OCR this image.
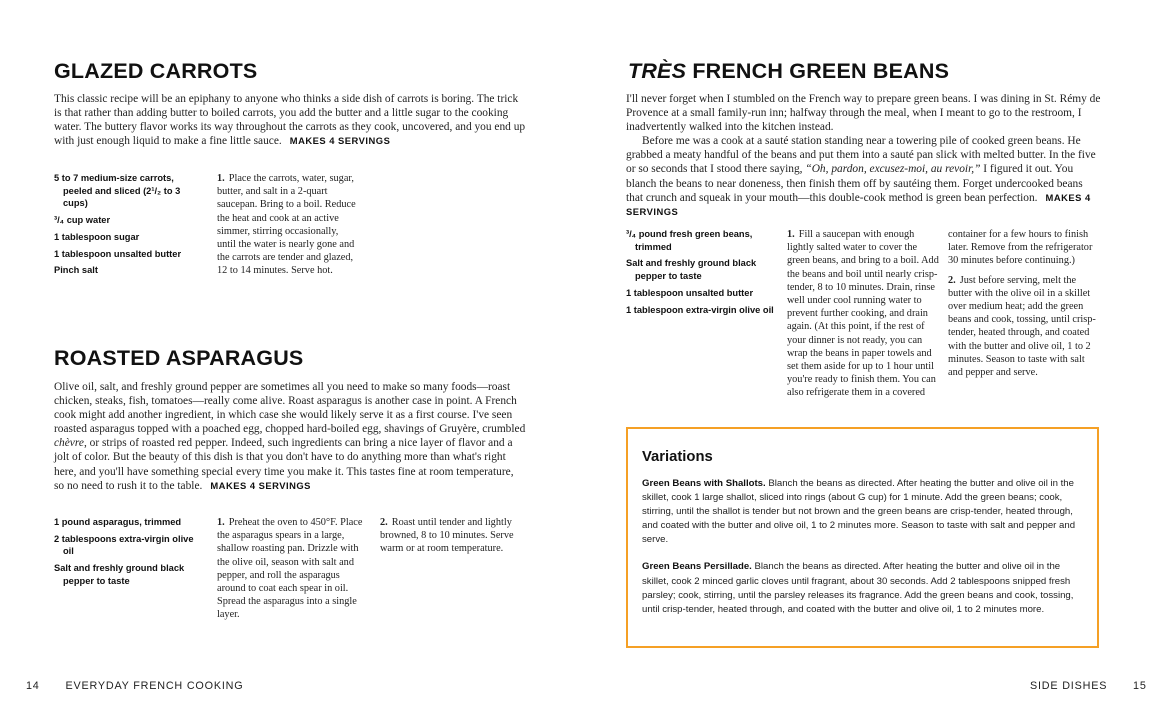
GLAZED CARROTS

This classic recipe will be an epiphany to anyone who thinks a side dish of carrots is boring. The trick is that rather than adding butter to boiled carrots, you add the butter and a little sugar to the cooking water. The buttery flavor works its way throughout the carrots as they cook, uncovered, and you end up with just enough liquid to make a fine little sauce. MAKES 4 SERVINGS

5 to 7 medium-size carrots, peeled and sliced (2¹/₂ to 3 cups)
³/₄ cup water
1 tablespoon sugar
1 tablespoon unsalted butter
Pinch salt

1. Place the carrots, water, sugar, butter, and salt in a 2-quart saucepan. Bring to a boil. Reduce the heat and cook at an active simmer, stirring occasionally, until the water is nearly gone and the carrots are tender and glazed, 12 to 14 minutes. Serve hot.

ROASTED ASPARAGUS

Olive oil, salt, and freshly ground pepper are sometimes all you need to make so many foods—roast chicken, steaks, fish, tomatoes—really come alive. Roast asparagus is another case in point. A French cook might add another ingredient, in which case she would likely serve it as a first course. I've seen roasted asparagus topped with a poached egg, chopped hard-boiled egg, shavings of Gruyère, crumbled chèvre, or strips of roasted red pepper. Indeed, such ingredients can bring a nice layer of flavor and a jolt of color. But the beauty of this dish is that you don't have to do anything more than what's right here, and you'll have something special every time you make it. This tastes fine at room temperature, so no need to rush it to the table. MAKES 4 SERVINGS

1 pound asparagus, trimmed
2 tablespoons extra-virgin olive oil
Salt and freshly ground black pepper to taste

1. Preheat the oven to 450°F. Place the asparagus spears in a large, shallow roasting pan. Drizzle with the olive oil, season with salt and pepper, and roll the asparagus around to coat each spear in oil. Spread the asparagus into a single layer.

2. Roast until tender and lightly browned, 8 to 10 minutes. Serve warm or at room temperature.

14 EVERYDAY FRENCH COOKING
TRÈS FRENCH GREEN BEANS

I'll never forget when I stumbled on the French way to prepare green beans. I was dining in St. Rémy de Provence at a small family-run inn; halfway through the meal, when I meant to go to the restroom, I inadvertently walked into the kitchen instead.

Before me was a cook at a sauté station standing near a towering pile of cooked green beans. He grabbed a meaty handful of the beans and put them into a sauté pan slick with melted butter. In the five or so seconds that I stood there saying, “Oh, pardon, excusez-moi, au revoir,” I figured it out. You blanch the beans to near doneness, then finish them off by sautéing them. Forget undercooked beans that crunch and squeak in your mouth—this double-cook method is green bean perfection. MAKES 4 SERVINGS

³/₄ pound fresh green beans, trimmed
Salt and freshly ground black pepper to taste
1 tablespoon unsalted butter
1 tablespoon extra-virgin olive oil

1. Fill a saucepan with enough lightly salted water to cover the green beans, and bring to a boil. Add the beans and boil until nearly crisp-tender, 8 to 10 minutes. Drain, rinse well under cool running water to prevent further cooking, and drain again. (At this point, if the rest of your dinner is not ready, you can wrap the beans in paper towels and set them aside for up to 1 hour until you're ready to finish them. You can also refrigerate them in a covered

container for a few hours to finish later. Remove from the refrigerator 30 minutes before continuing.)

2. Just before serving, melt the butter with the olive oil in a skillet over medium heat; add the green beans and cook, tossing, until crisp-tender, heated through, and coated with the butter and olive oil, 1 to 2 minutes. Season to taste with salt and pepper and serve.

Variations

Green Beans with Shallots. Blanch the beans as directed. After heating the butter and olive oil in the skillet, cook 1 large shallot, sliced into rings (about G cup) for 1 minute. Add the green beans; cook, stirring, until the shallot is tender but not brown and the green beans are crisp-tender, heated through, and coated with the butter and olive oil, 1 to 2 minutes more. Season to taste with salt and pepper and serve.

Green Beans Persillade. Blanch the beans as directed. After heating the butter and olive oil in the skillet, cook 2 minced garlic cloves until fragrant, about 30 seconds. Add 2 tablespoons snipped fresh parsley; cook, stirring, until the parsley releases its fragrance. Add the green beans and cook, tossing, until crisp-tender, heated through, and coated with the butter and olive oil, 1 to 2 minutes more.

SIDE DISHES 15
